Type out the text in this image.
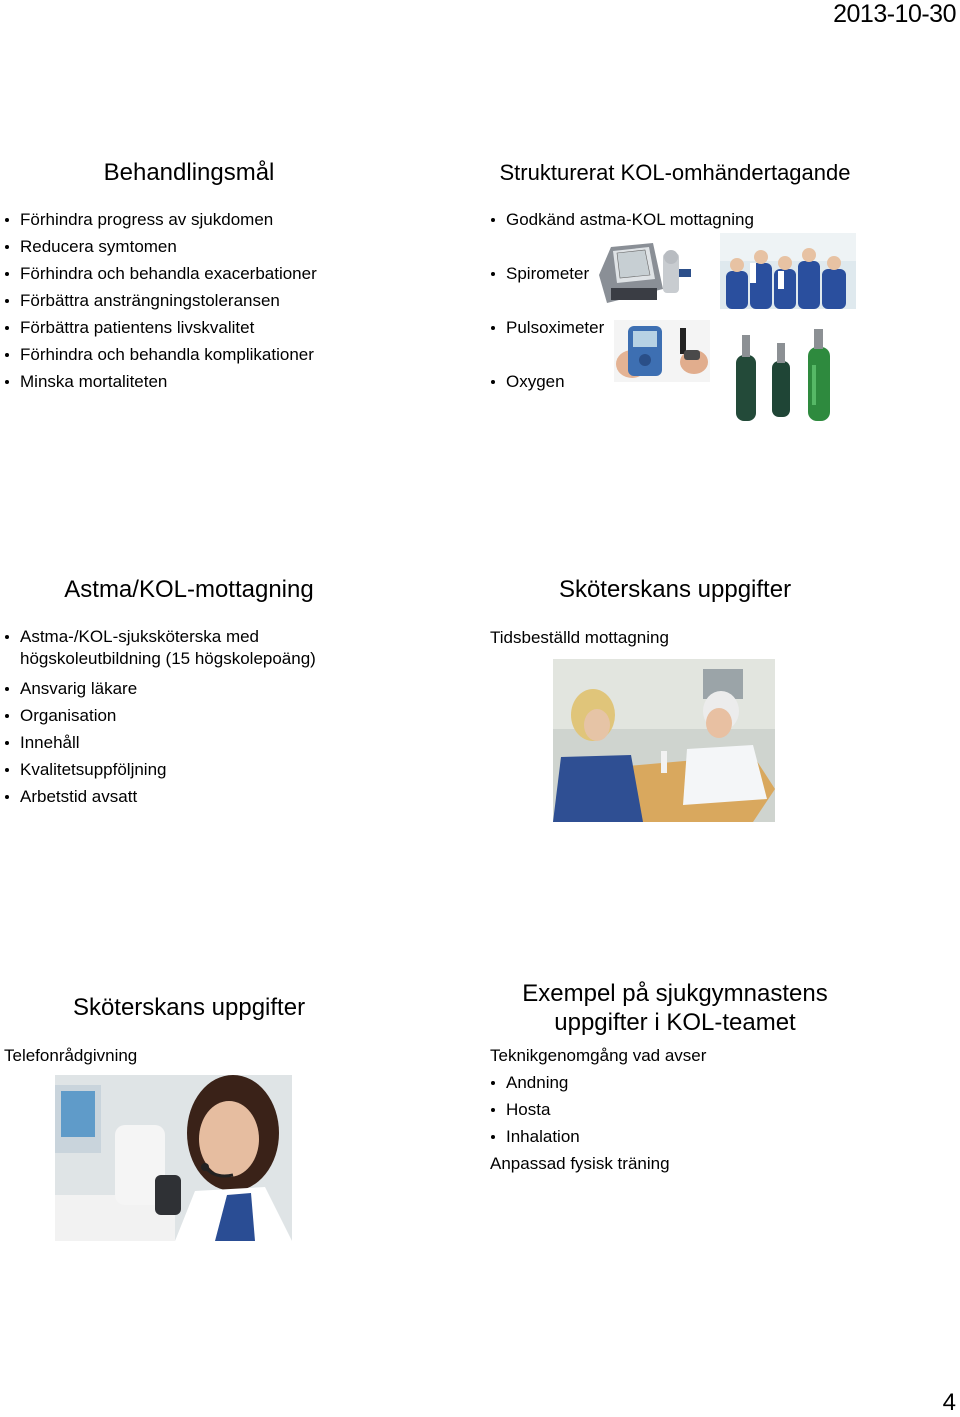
2013-10-30
4
Behandlingsmål
Förhindra progress av sjukdomen
Reducera symtomen
Förhindra och behandla exacerbationer
Förbättra ansträngningstoleransen
Förbättra patientens livskvalitet
Förhindra och behandla komplikationer
Minska mortaliteten
Strukturerat KOL-omhändertagande
Godkänd astma-KOL mottagning
Spirometer
Pulsoximeter
Oxygen
Astma/KOL-mottagning
Astma-/KOL-sjuksköterska med högskoleutbildning (15 högskolepoäng)
Ansvarig läkare
Organisation
Innehåll
Kvalitetsuppföljning
Arbetstid avsatt
Sköterskans uppgifter
Tidsbeställd mottagning
Sköterskans uppgifter
Telefonrådgivning
Exempel på sjukgymnastens uppgifter i KOL-teamet
Teknikgenomgång vad avser
Andning
Hosta
Inhalation
Anpassad fysisk träning
